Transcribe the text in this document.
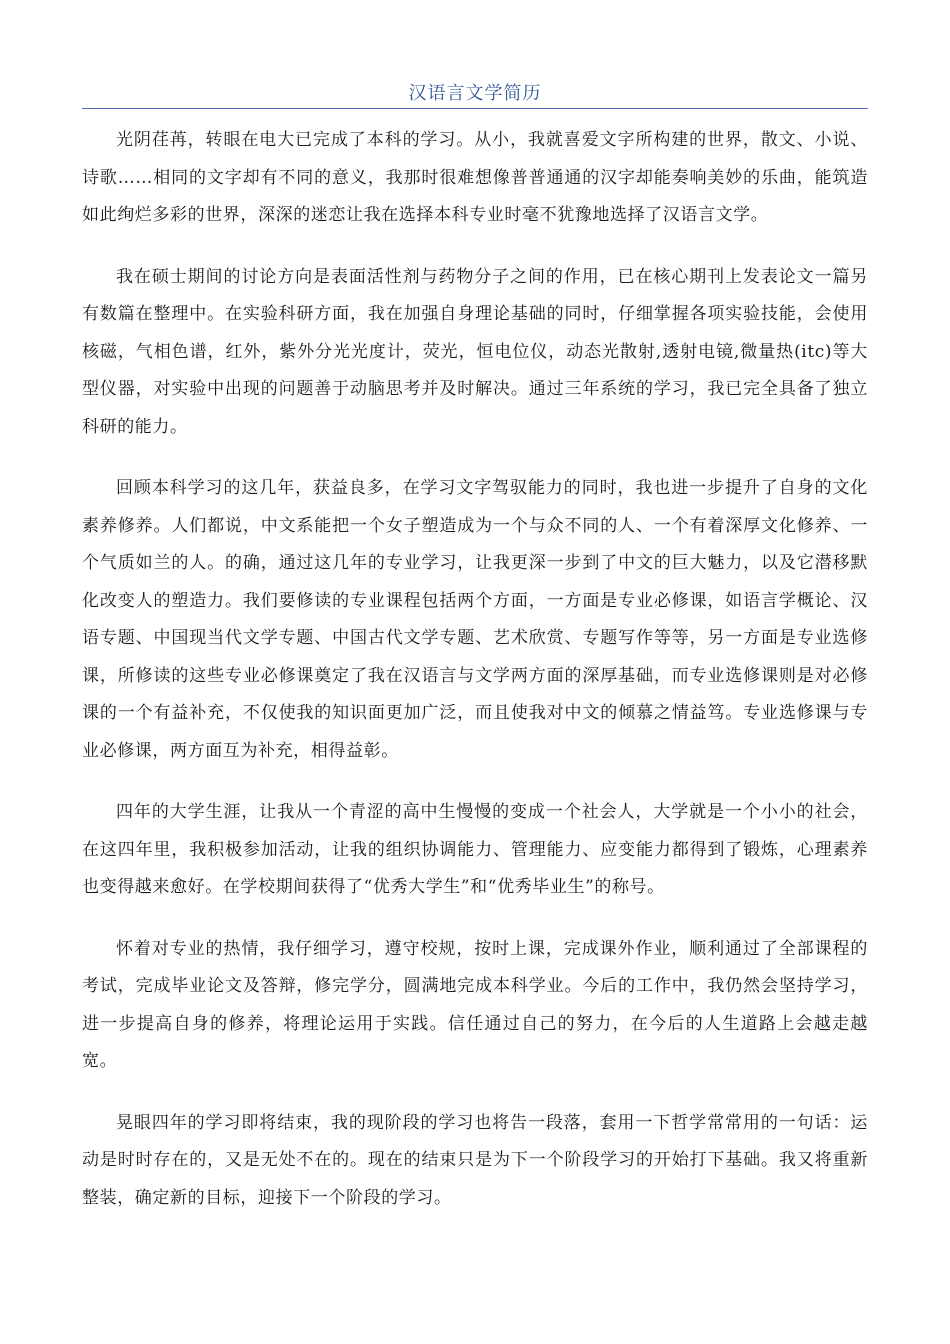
汉语言文学简历

光阴荏苒，转眼在电大已完成了本科的学习。从小，我就喜爱文字所构建的世界，散文、小说、诗歌……相同的文字却有不同的意义，我那时很难想像普普通通的汉字却能奏响美妙的乐曲，能筑造如此绚烂多彩的世界，深深的迷恋让我在选择本科专业时毫不犹豫地选择了汉语言文学。

我在硕士期间的讨论方向是表面活性剂与药物分子之间的作用，已在核心期刊上发表论文一篇另有数篇在整理中。在实验科研方面，我在加强自身理论基础的同时，仔细掌握各项实验技能，会使用核磁，气相色谱，红外，紫外分光光度计，荧光，恒电位仪，动态光散射,透射电镜,微量热(itc)等大型仪器，对实验中出现的问题善于动脑思考并及时解决。通过三年系统的学习，我已完全具备了独立科研的能力。

回顾本科学习的这几年，获益良多，在学习文字驾驭能力的同时，我也进一步提升了自身的文化素养修养。人们都说，中文系能把一个女子塑造成为一个与众不同的人、一个有着深厚文化修养、一个气质如兰的人。的确，通过这几年的专业学习，让我更深一步到了中文的巨大魅力，以及它潜移默化改变人的塑造力。我们要修读的专业课程包括两个方面，一方面是专业必修课，如语言学概论、汉语专题、中国现当代文学专题、中国古代文学专题、艺术欣赏、专题写作等等，另一方面是专业选修课，所修读的这些专业必修课奠定了我在汉语言与文学两方面的深厚基础，而专业选修课则是对必修课的一个有益补充，不仅使我的知识面更加广泛，而且使我对中文的倾慕之情益笃。专业选修课与专业必修课，两方面互为补充，相得益彰。

四年的大学生涯，让我从一个青涩的高中生慢慢的变成一个社会人，大学就是一个小小的社会，在这四年里，我积极参加活动，让我的组织协调能力、管理能力、应变能力都得到了锻炼，心理素养也变得越来愈好。在学校期间获得了“优秀大学生”和“优秀毕业生”的称号。

怀着对专业的热情，我仔细学习，遵守校规，按时上课，完成课外作业，顺利通过了全部课程的考试，完成毕业论文及答辩，修完学分，圆满地完成本科学业。今后的工作中，我仍然会坚持学习，进一步提高自身的修养，将理论运用于实践。信任通过自己的努力，在今后的人生道路上会越走越宽。

晃眼四年的学习即将结束，我的现阶段的学习也将告一段落，套用一下哲学常常用的一句话：运动是时时存在的，又是无处不在的。现在的结束只是为下一个阶段学习的开始打下基础。我又将重新整装，确定新的目标，迎接下一个阶段的学习。
